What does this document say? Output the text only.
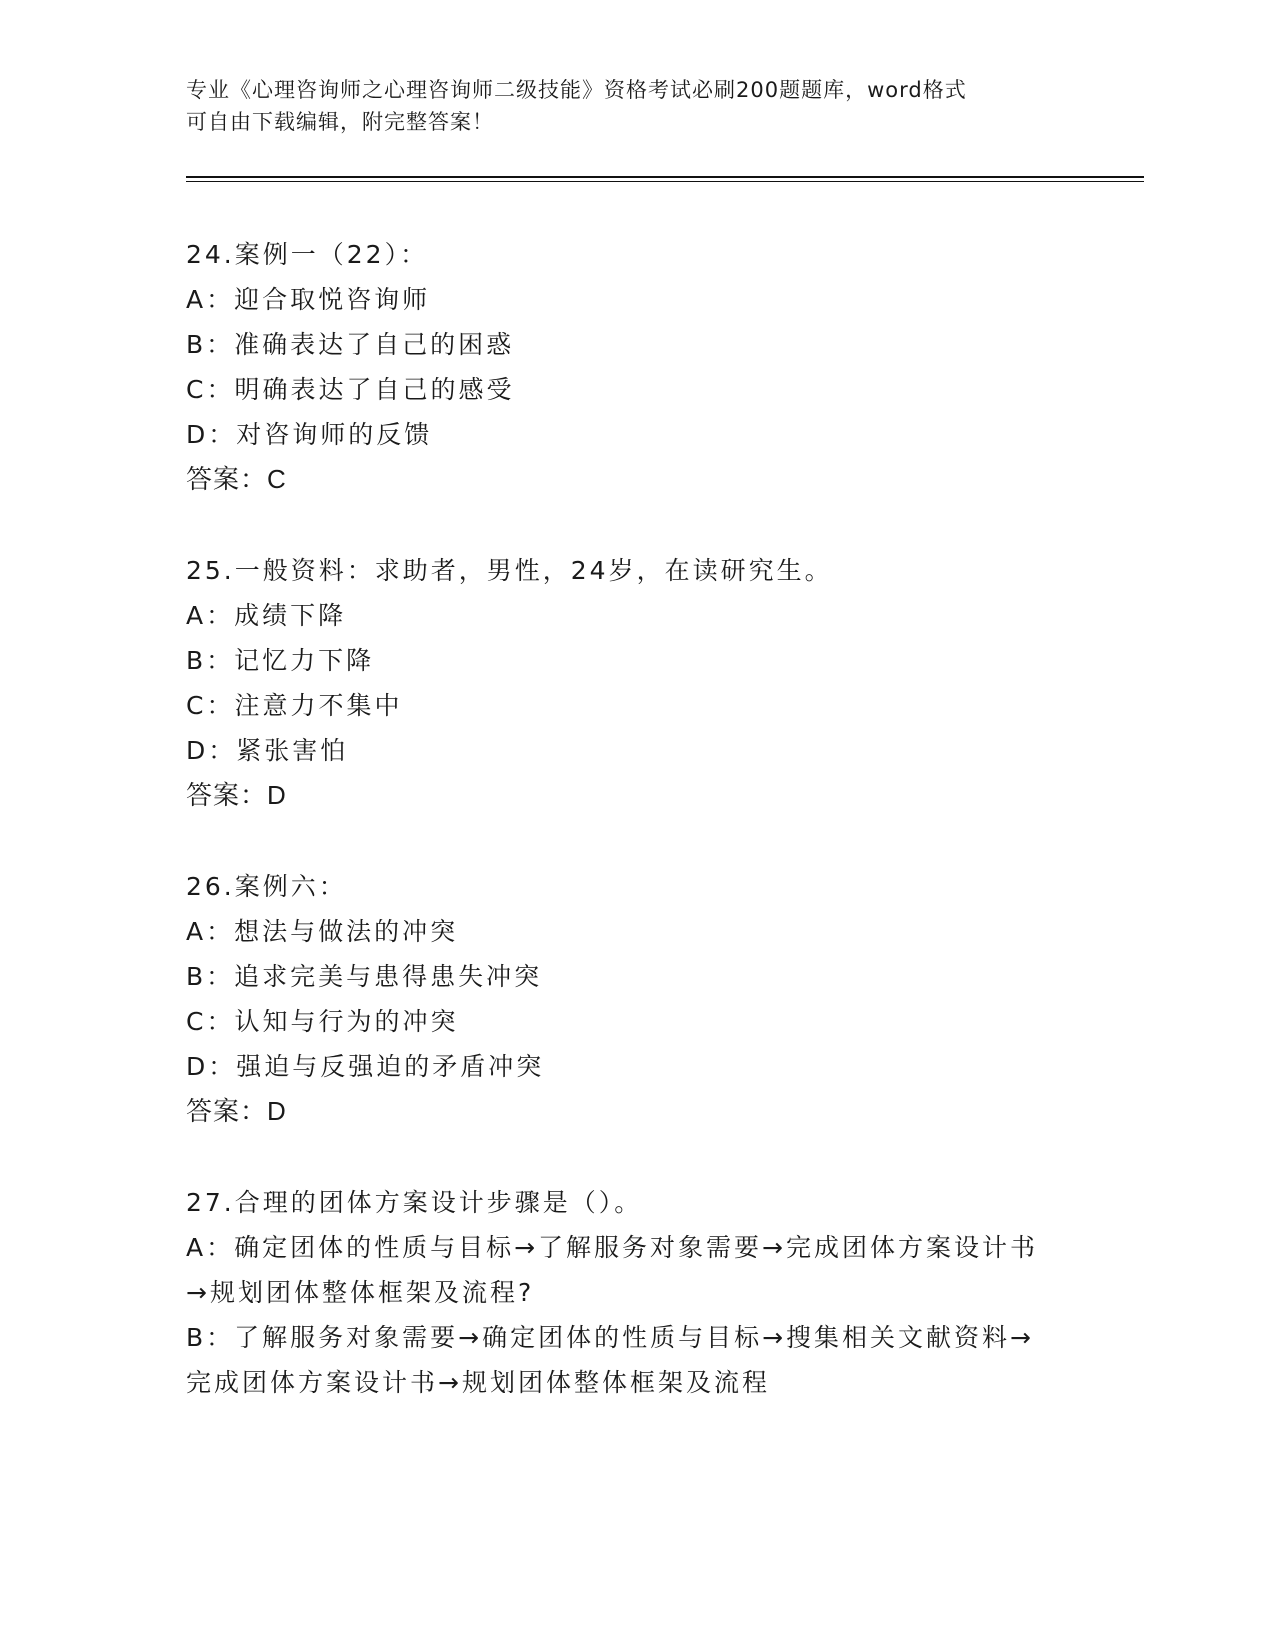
专业《心理咨询师之心理咨询师二级技能》资格考试必刷200题题库，word格式
可自由下载编辑，附完整答案！
24.案例一（22）：
A：迎合取悦咨询师
B：准确表达了自己的困惑
C：明确表达了自己的感受
D：对咨询师的反馈
答案：C
25.一般资料：求助者，男性，24岁，在读研究生。
A：成绩下降
B：记忆力下降
C：注意力不集中
D：紧张害怕
答案：D
26.案例六：
A：想法与做法的冲突
B：追求完美与患得患失冲突
C：认知与行为的冲突
D：强迫与反强迫的矛盾冲突
答案：D
27.合理的团体方案设计步骤是（）。
A：确定团体的性质与目标→了解服务对象需要→完成团体方案设计书
→规划团体整体框架及流程?
B：了解服务对象需要→确定团体的性质与目标→搜集相关文献资料→
完成团体方案设计书→规划团体整体框架及流程
